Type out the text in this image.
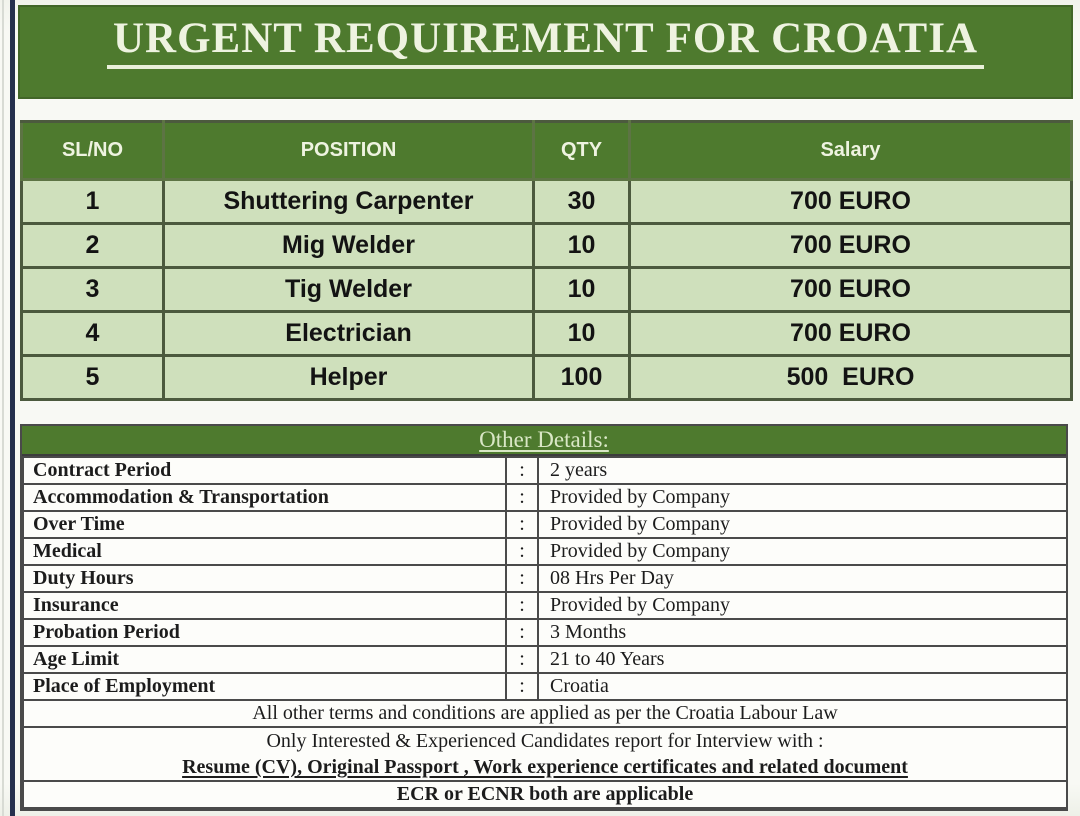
URGENT REQUIREMENT FOR CROATIA
SL/NO	POSITION	QTY	Salary
1	Shuttering Carpenter	30	700 EURO
2	Mig Welder	10	700 EURO
3	Tig Welder	10	700 EURO
4	Electrician	10	700 EURO
5	Helper	100	500  EURO
Other Details:
Contract Period	:	2 years
Accommodation & Transportation	:	Provided by Company
Over Time	:	Provided by Company
Medical	:	Provided by Company
Duty Hours	:	08 Hrs Per Day
Insurance	:	Provided by Company
Probation Period	:	3 Months
Age Limit	:	21 to 40 Years
Place of Employment	:	Croatia
All other terms and conditions are applied as per the Croatia Labour Law		
Only Interested & Experienced Candidates report for Interview with :
Resume (CV), Original Passport , Work experience certificates and related document		

ECR or ECNR both are applicable		
